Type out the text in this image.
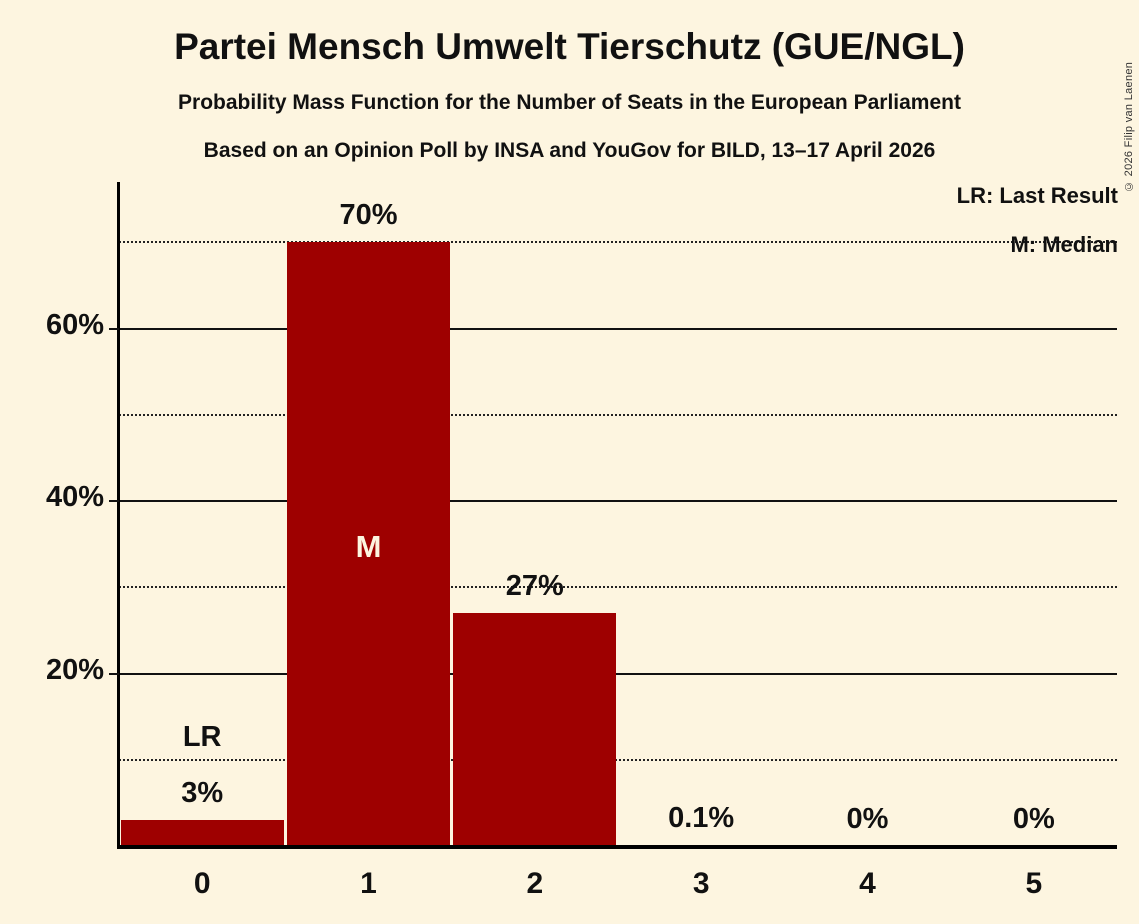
Partei Mensch Umwelt Tierschutz (GUE/NGL)
Probability Mass Function for the Number of Seats in the European Parliament
Based on an Opinion Poll by INSA and YouGov for BILD, 13–17 April 2026	© 2026 Filip van Laenen
LR: Last Result
M: Median
3%
LR
0
70%
M
1
27%
2
0.1%
3
0%
4
0%
5
20%
40%
60%
